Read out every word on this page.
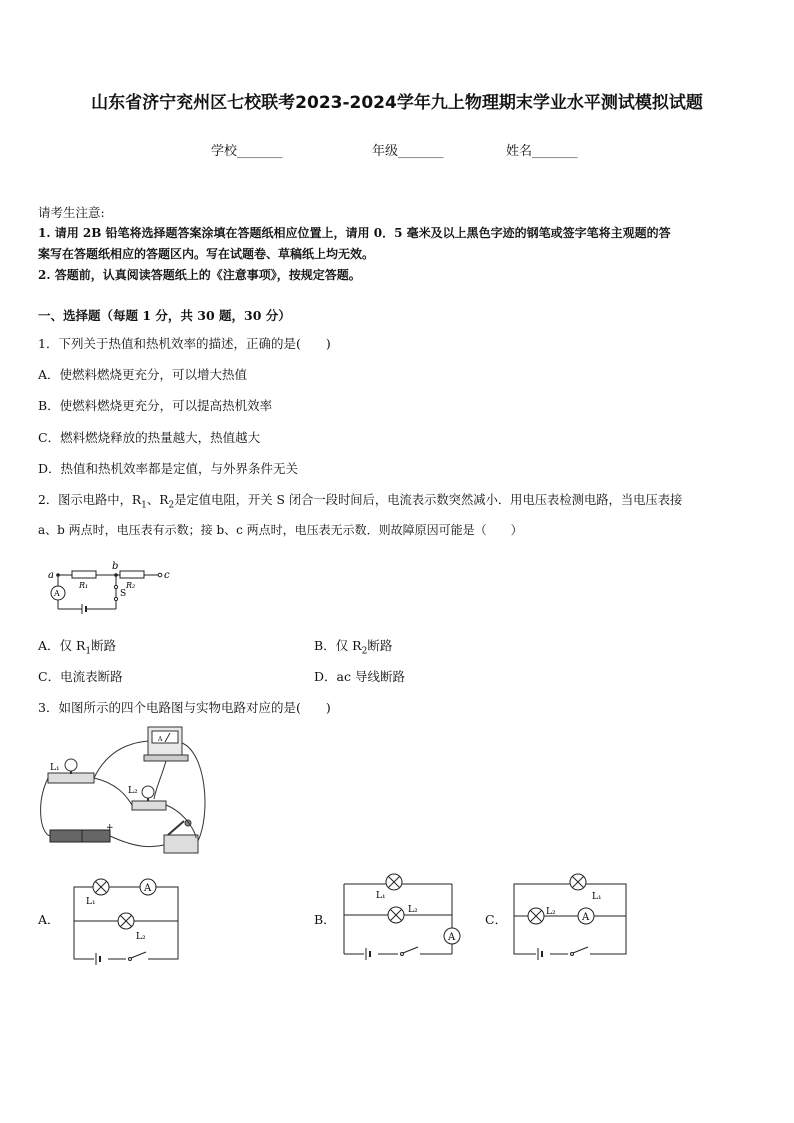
山东省济宁兖州区七校联考2023-2024学年九上物理期末学业水平测试模拟试题
学校_______	年级_______	姓名_______
请考生注意:
1. 请用 2B 铅笔将选择题答案涂填在答题纸相应位置上，请用 0．5 毫米及以上黑色字迹的钢笔或签字笔将主观题的答
案写在答题纸相应的答题区内。写在试题卷、草稿纸上均无效。
2. 答题前，认真阅读答题纸上的《注意事项》，按规定答题。
一、选择题（每题 1 分，共 30 题，30 分）
1．下列关于热值和热机效率的描述，正确的是(　　)
A．使燃料燃烧更充分，可以增大热值
B．使燃料燃烧更充分，可以提高热机效率
C．燃料燃烧释放的热量越大，热值越大
D．热值和热机效率都是定值，与外界条件无关
2．图示电路中，$R_1$、$R_2$是定值电阻，开关 S 闭合一段时间后，电流表示数突然减小．用电压表检测电路，当电压表接
a、b 两点时，电压表有示数；接 b、c 两点时，电压表无示数．则故障原因可能是（　　）
a
b
c
R₁	R₂
S
A
A．仅 $R_1$断路	B．仅 $R_2$断路
C．电流表断路	D．ac 导线断路
3．如图所示的四个电路图与实物电路对应的是(　　)
A
L₁
L₂
+
A．
A
L₁
L₂
B．
L₁
L₂
A
C．
L₁
L₂	A
